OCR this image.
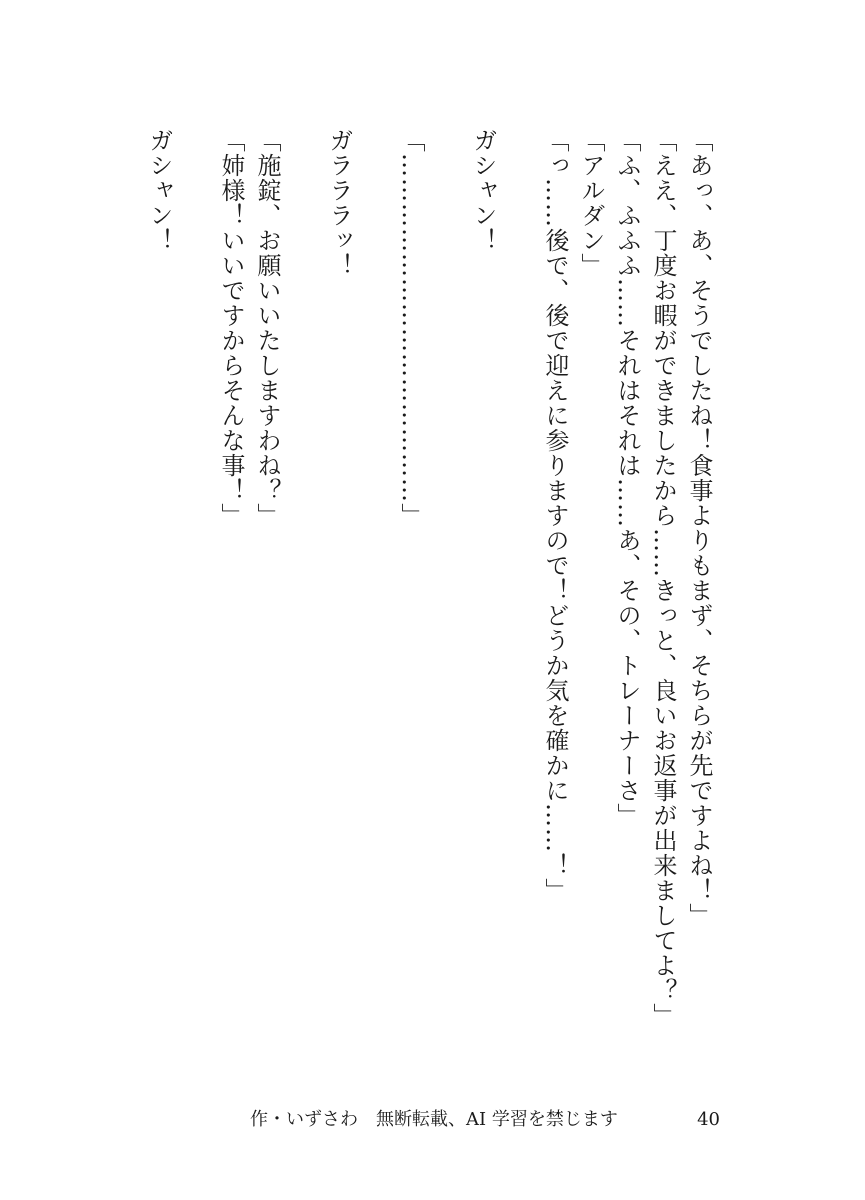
「あっ、あ、そうでしたね！食事よりもまず、そちらが先ですよね！」

「ええ、丁度お暇ができましたから……きっと、良いお返事が出来ましてよ？」

「ふ、ふふふ……それはそれは……あ、その、トレーナーさ」

「アルダン」

「っ……後で、後で迎えに参りますので！どうか気を確かに……！」

ガシャン！

「……………………………………」

ガラララッ！

「施錠、お願いいたしますわね？」

「姉様！いいですからそんな事！」

ガシャン！

作・いずさわ　無断転載、AI 学習を禁じます	40
